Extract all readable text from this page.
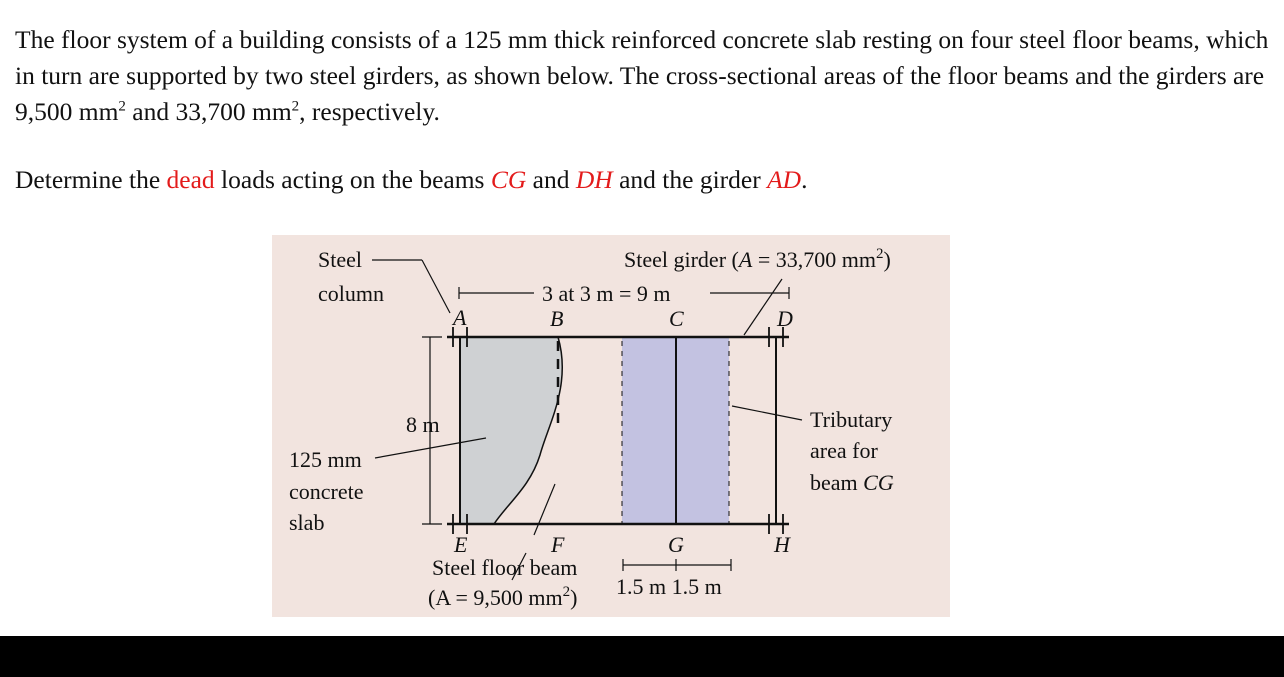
The floor system of a building consists of a 125 mm thick reinforced concrete slab resting on four steel floor beams, which in turn are supported by two steel girders, as shown below. The cross-sectional areas of the floor beams and the girders are 9,500 $mm^2$ and 33,700 $mm^2$, respectively.

Determine the dead loads acting on the beams CG and DH and the girder AD.

8 m
3 at 3 m = 9 m
A	B	C	D
E	F	G	H
Steel
column
Steel girder (A = 33,700 $mm^2$)
125 mm
concrete
slab
Tributary
area for
beam CG
Steel floor beam
(A = 9,500 $mm^2$) 1.5 m 1.5 m
